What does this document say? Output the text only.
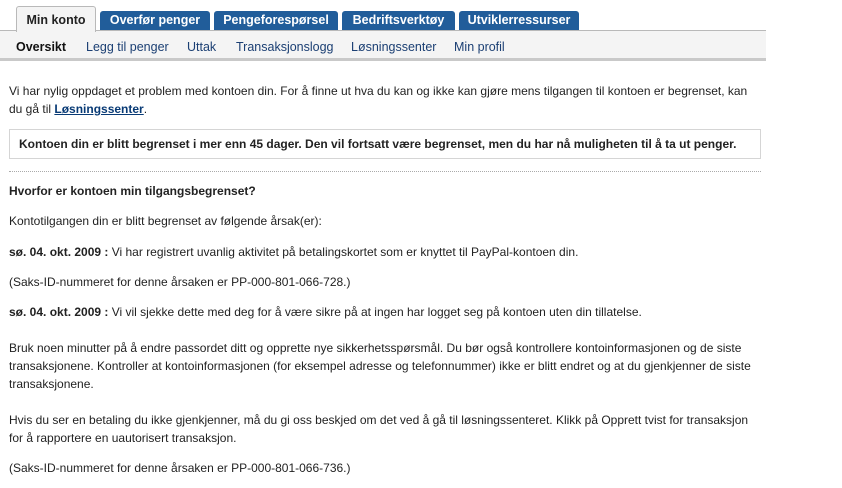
Min konto	Overfør penger	Pengeforespørsel	Bedriftsverktøy	Utviklerressurser
Oversikt Legg til penger Uttak Transaksjonslogg Løsningssenter Min profil

Vi har nylig oppdaget et problem med kontoen din. For å finne ut hva du kan og ikke kan gjøre mens tilgangen til kontoen er begrenset, kan du gå til Løsningssenter.

Kontoen din er blitt begrenset i mer enn 45 dager. Den vil fortsatt være begrenset, men du har nå muligheten til å ta ut penger.

Hvorfor er kontoen min tilgangsbegrenset?

Kontotilgangen din er blitt begrenset av følgende årsak(er):

sø. 04. okt. 2009 : Vi har registrert uvanlig aktivitet på betalingskortet som er knyttet til PayPal-kontoen din.

(Saks-ID-nummeret for denne årsaken er PP-000-801-066-728.)

sø. 04. okt. 2009 : Vi vil sjekke dette med deg for å være sikre på at ingen har logget seg på kontoen uten din tillatelse.

Bruk noen minutter på å endre passordet ditt og opprette nye sikkerhetsspørsmål. Du bør også kontrollere kontoinformasjonen og de siste transaksjonene. Kontroller at kontoinformasjonen (for eksempel adresse og telefonnummer) ikke er blitt endret og at du gjenkjenner de siste transaksjonene.

Hvis du ser en betaling du ikke gjenkjenner, må du gi oss beskjed om det ved å gå til løsningssenteret. Klikk på Opprett tvist for transaksjon for å rapportere en uautorisert transaksjon.

(Saks-ID-nummeret for denne årsaken er PP-000-801-066-736.)
